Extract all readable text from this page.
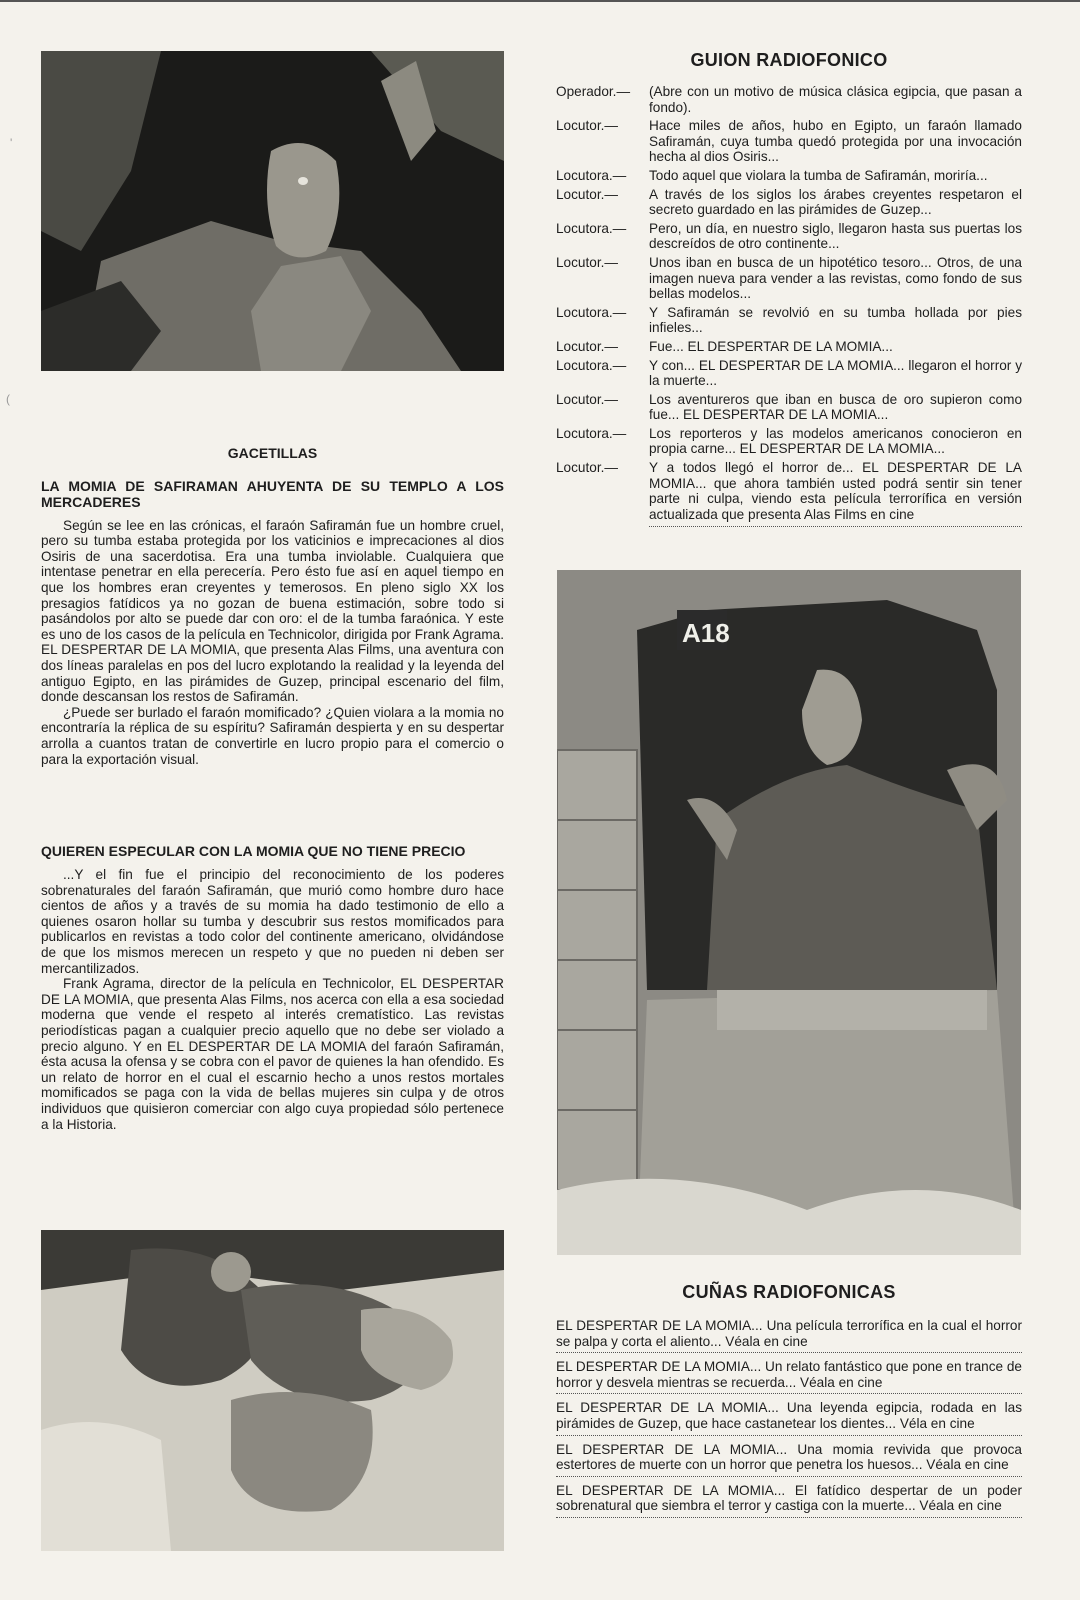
'
(
GACETILLAS
LA MOMIA DE SAFIRAMAN AHUYENTA DE SU TEMPLO A LOS MERCADERES

Según se lee en las crónicas, el faraón Safiramán fue un hombre cruel, pero su tumba estaba protegida por los vaticinios e imprecaciones al dios Osiris de una sacerdotisa. Era una tumba inviolable. Cualquiera que intentase penetrar en ella perecería. Pero ésto fue así en aquel tiempo en que los hombres eran creyentes y temerosos. En pleno siglo XX los presagios fatídicos ya no gozan de buena estimación, sobre todo si pasándolos por alto se puede dar con oro: el de la tumba faraónica. Y este es uno de los casos de la película en Technicolor, dirigida por Frank Agrama. EL DESPERTAR DE LA MOMIA, que presenta Alas Films, una aventura con dos líneas paralelas en pos del lucro explotando la realidad y la leyenda del antiguo Egipto, en las pirámides de Guzep, principal escenario del film, donde descansan los restos de Safiramán.

¿Puede ser burlado el faraón momificado? ¿Quien violara a la momia no encontraría la réplica de su espíritu? Safiramán despierta y en su despertar arrolla a cuantos tratan de convertirle en lucro propio para el comercio o para la exportación visual.

QUIEREN ESPECULAR CON LA MOMIA QUE NO TIENE PRECIO

...Y el fin fue el principio del reconocimiento de los poderes sobrenaturales del faraón Safiramán, que murió como hombre duro hace cientos de años y a través de su momia ha dado testimonio de ello a quienes osaron hollar su tumba y descubrir sus restos momificados para publicarlos en revistas a todo color del continente americano, olvidándose de que los mismos merecen un respeto y que no pueden ni deben ser mercantilizados.

Frank Agrama, director de la película en Technicolor, EL DESPERTAR DE LA MOMIA, que presenta Alas Films, nos acerca con ella a esa sociedad moderna que vende el respeto al interés crematístico. Las revistas periodísticas pagan a cualquier precio aquello que no debe ser violado a precio alguno. Y en EL DESPERTAR DE LA MOMIA del faraón Safiramán, ésta acusa la ofensa y se cobra con el pavor de quienes la han ofendido. Es un relato de horror en el cual el escarnio hecho a unos restos mortales momificados se paga con la vida de bellas mujeres sin culpa y de otros individuos que quisieron comerciar con algo cuya propiedad sólo pertenece a la Historia.

GUION RADIOFONICO
Operador.—	(Abre con un motivo de música clásica egipcia, que pasan a fondo).
Locutor.—	Hace miles de años, hubo en Egipto, un faraón llamado Safiramán, cuya tumba quedó protegida por una invocación hecha al dios Osiris...
Locutora.—	Todo aquel que violara la tumba de Safiramán, moriría...
Locutor.—	A través de los siglos los árabes creyentes respetaron el secreto guardado en las pirámides de Guzep...
Locutora.—	Pero, un día, en nuestro siglo, llegaron hasta sus puertas los descreídos de otro continente...
Locutor.—	Unos iban en busca de un hipotético tesoro... Otros, de una imagen nueva para vender a las revistas, como fondo de sus bellas modelos...
Locutora.—	Y Safiramán se revolvió en su tumba hollada por pies infieles...
Locutor.—	Fue... EL DESPERTAR DE LA MOMIA...
Locutora.—	Y con... EL DESPERTAR DE LA MOMIA... llegaron el horror y la muerte...
Locutor.—	Los aventureros que iban en busca de oro supieron como fue... EL DESPERTAR DE LA MOMIA...
Locutora.—	Los reporteros y las modelos americanos conocieron en propia carne... EL DESPERTAR DE LA MOMIA...
Locutor.—	Y a todos llegó el horror de... EL DESPERTAR DE LA MOMIA... que ahora también usted podrá sentir sin tener parte ni culpa, viendo esta película terrorífica en versión actualizada que presenta Alas Films en cine
A18
CUÑAS RADIOFONICAS
EL DESPERTAR DE LA MOMIA... Una película terrorífica en la cual el horror se palpa y corta el aliento... Véala en cine
EL DESPERTAR DE LA MOMIA... Un relato fantástico que pone en trance de horror y desvela mientras se recuerda... Véala en cine
EL DESPERTAR DE LA MOMIA... Una leyenda egipcia, rodada en las pirámides de Guzep, que hace castanetear los dientes... Véla en cine
EL DESPERTAR DE LA MOMIA... Una momia revivida que provoca estertores de muerte con un horror que penetra los huesos... Véala en cine
EL DESPERTAR DE LA MOMIA... El fatídico despertar de un poder sobrenatural que siembra el terror y castiga con la muerte... Véala en cine
